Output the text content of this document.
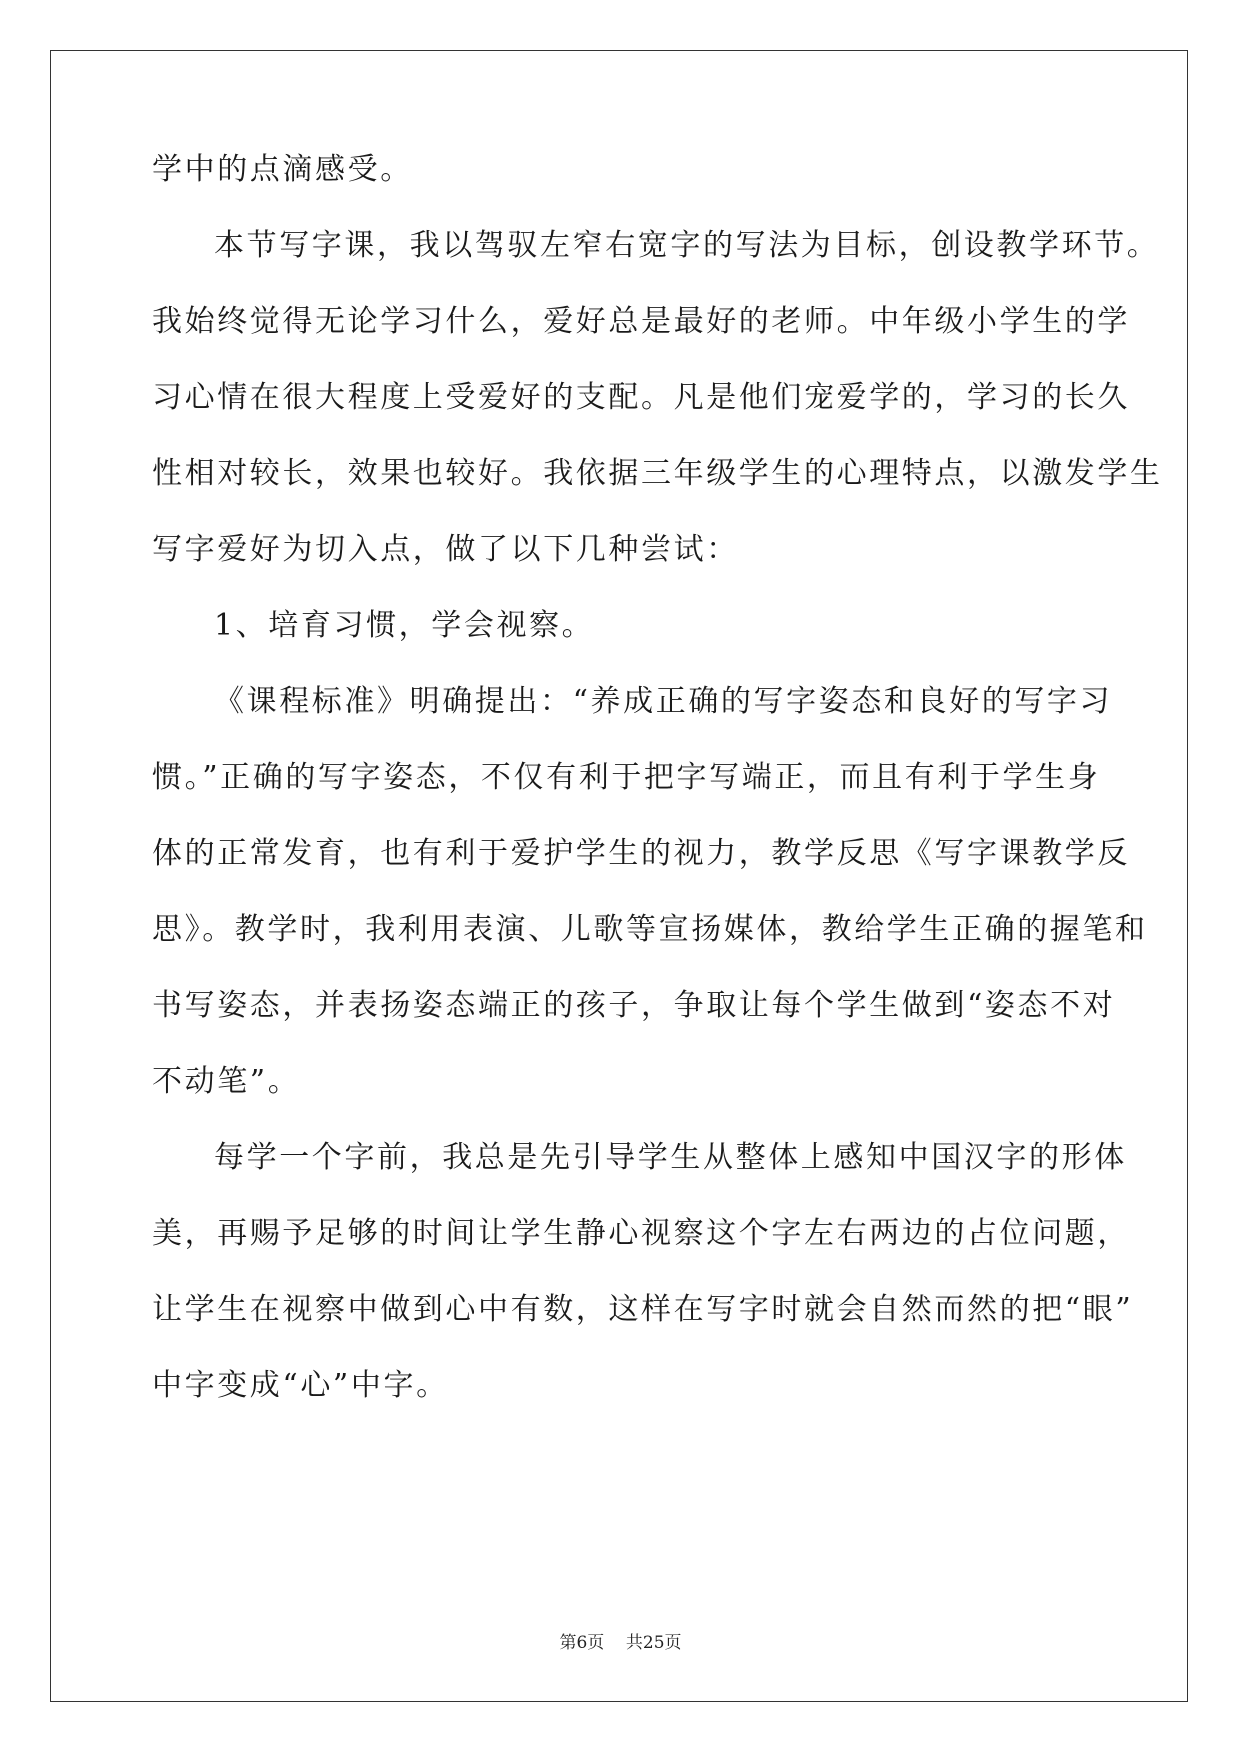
学中的点滴感受。
本节写字课，我以驾驭左窄右宽字的写法为目标，创设教学环节。
我始终觉得无论学习什么，爱好总是最好的老师。中年级小学生的学
习心情在很大程度上受爱好的支配。凡是他们宠爱学的，学习的长久
性相对较长，效果也较好。我依据三年级学生的心理特点，以激发学生
写字爱好为切入点，做了以下几种尝试：
1、培育习惯，学会视察。
《课程标准》明确提出：“养成正确的写字姿态和良好的写字习
惯。”正确的写字姿态，不仅有利于把字写端正，而且有利于学生身
体的正常发育，也有利于爱护学生的视力，教学反思《写字课教学反
思》。教学时，我利用表演、儿歌等宣扬媒体，教给学生正确的握笔和
书写姿态，并表扬姿态端正的孩子，争取让每个学生做到“姿态不对
不动笔”。
每学一个字前，我总是先引导学生从整体上感知中国汉字的形体
美，再赐予足够的时间让学生静心视察这个字左右两边的占位问题，
让学生在视察中做到心中有数，这样在写字时就会自然而然的把“眼”
中字变成“心”中字。
第6页 共25页
